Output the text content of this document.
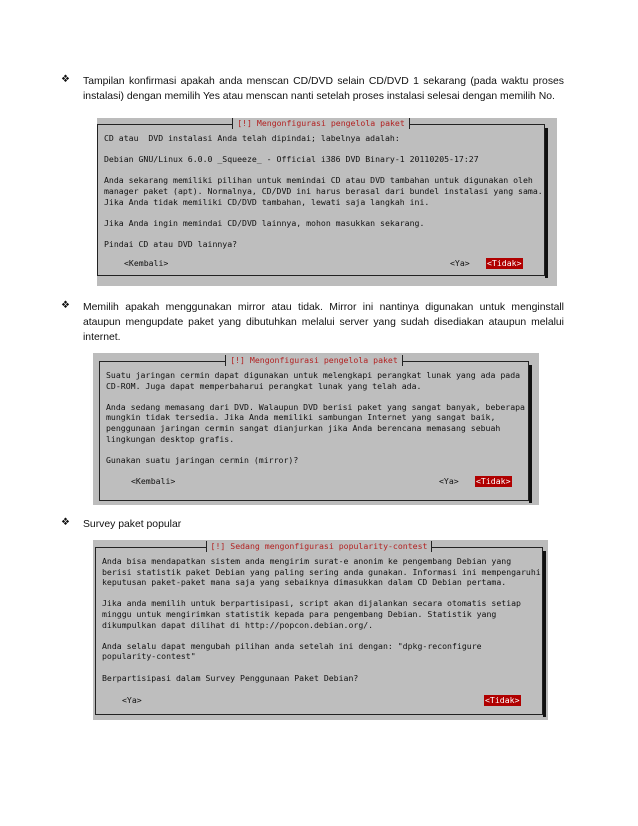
❖ Tampilan konfirmasi apakah anda menscan CD/DVD selain CD/DVD 1 sekarang (pada waktu proses instalasi) dengan memilih Yes atau menscan nanti setelah proses instalasi selesai dengan memilih No.
[!] Mengonfigurasi pengelola paket
CD atau  DVD instalasi Anda telah dipindai; labelnya adalah:
Debian GNU/Linux 6.0.0 _Squeeze_ - Official i386 DVD Binary-1 20110205-17:27
Anda sekarang memiliki pilihan untuk memindai CD atau DVD tambahan untuk digunakan oleh
manager paket (apt). Normalnya, CD/DVD ini harus berasal dari bundel instalasi yang sama.
Jika Anda tidak memiliki CD/DVD tambahan, lewati saja langkah ini.
Jika Anda ingin memindai CD/DVD lainnya, mohon masukkan sekarang.
Pindai CD atau DVD lainnya?
<Kembali>	<Ya> <Tidak>
❖ Memilih apakah menggunakan mirror atau tidak. Mirror ini nantinya digunakan untuk menginstall ataupun mengupdate paket yang dibutuhkan melalui server yang sudah disediakan ataupun melalui internet.
[!] Mengonfigurasi pengelola paket
Suatu jaringan cermin dapat digunakan untuk melengkapi perangkat lunak yang ada pada
CD-ROM. Juga dapat memperbaharui perangkat lunak yang telah ada.
Anda sedang memasang dari DVD. Walaupun DVD berisi paket yang sangat banyak, beberapa
mungkin tidak tersedia. Jika Anda memiliki sambungan Internet yang sangat baik,
penggunaan jaringan cermin sangat dianjurkan jika Anda berencana memasang sebuah
lingkungan desktop grafis.
Gunakan suatu jaringan cermin (mirror)?
<Kembali>	<Ya> <Tidak>
❖ Survey paket popular
[!] Sedang mengonfigurasi popularity-contest
Anda bisa mendapatkan sistem anda mengirim surat-e anonim ke pengembang Debian yang
berisi statistik paket Debian yang paling sering anda gunakan. Informasi ini mempengaruhi
keputusan paket-paket mana saja yang sebaiknya dimasukkan dalam CD Debian pertama.
Jika anda memilih untuk berpartisipasi, script akan dijalankan secara otomatis setiap
minggu untuk mengirimkan statistik kepada para pengembang Debian. Statistik yang
dikumpulkan dapat dilihat di http://popcon.debian.org/.
Anda selalu dapat mengubah pilihan anda setelah ini dengan: "dpkg-reconfigure
popularity-contest"
Berpartisipasi dalam Survey Penggunaan Paket Debian?
<Ya>	<Tidak>
